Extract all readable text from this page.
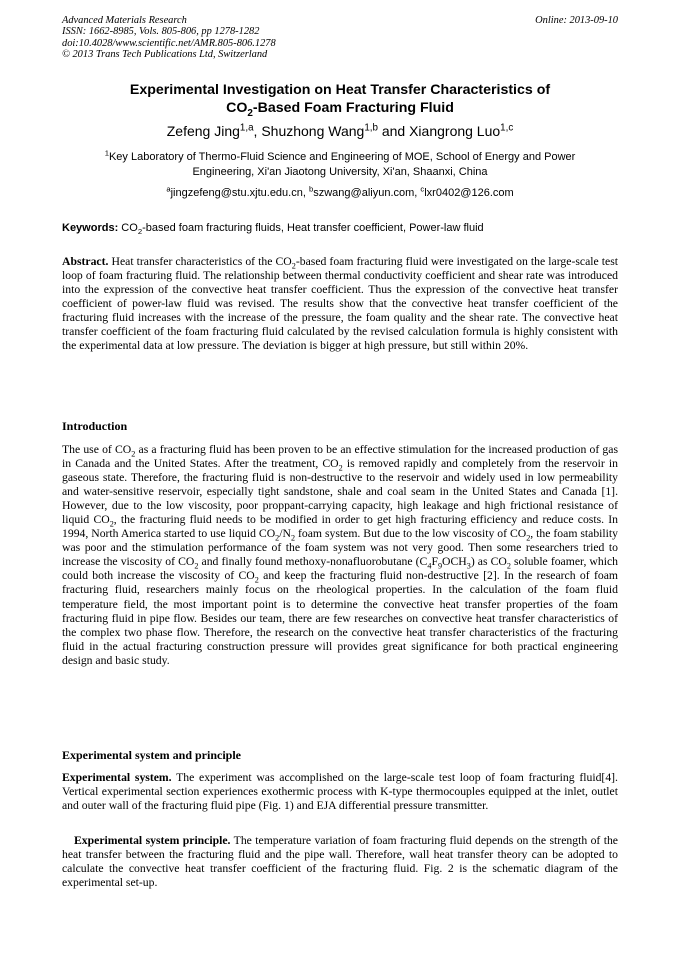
Advanced Materials Research
ISSN: 1662-8985, Vols. 805-806, pp 1278-1282
doi:10.4028/www.scientific.net/AMR.805-806.1278
© 2013 Trans Tech Publications Ltd, Switzerland
Online: 2013-09-10
Experimental Investigation on Heat Transfer Characteristics of
$CO_2$-Based Foam Fracturing Fluid
Zefeng Jing$^{1,a}$, Shuzhong Wang$^{1,b}$ and Xiangrong Luo$^{1,c}$
$^1$Key Laboratory of Thermo-Fluid Science and Engineering of MOE, School of Energy and Power
Engineering, Xi'an Jiaotong University, Xi'an, Shaanxi, China
$^a$jingzefeng@stu.xjtu.edu.cn, $^b$szwang@aliyun.com, $^c$lxr0402@126.com
Keywords: $CO_2$-based foam fracturing fluids, Heat transfer coefficient, Power-law fluid

Abstract. Heat transfer characteristics of the $CO_2$-based foam fracturing fluid were investigated on the large-scale test loop of foam fracturing fluid. The relationship between thermal conductivity coefficient and shear rate was introduced into the expression of the convective heat transfer coefficient. Thus the expression of the convective heat transfer coefficient of power-law fluid was revised. The results show that the convective heat transfer coefficient of the fracturing fluid increases with the increase of the pressure, the foam quality and the shear rate. The convective heat transfer coefficient of the foam fracturing fluid calculated by the revised calculation formula is highly consistent with the experimental data at low pressure. The deviation is bigger at high pressure, but still within 20%.

Introduction

The use of $CO_2$ as a fracturing fluid has been proven to be an effective stimulation for the increased production of gas in Canada and the United States. After the treatment, $CO_2$ is removed rapidly and completely from the reservoir in gaseous state. Therefore, the fracturing fluid is non-destructive to the reservoir and widely used in low permeability and water-sensitive reservoir, especially tight sandstone, shale and coal seam in the United States and Canada [1]. However, due to the low viscosity, poor proppant-carrying capacity, high leakage and high frictional resistance of liquid $CO_2$, the fracturing fluid needs to be modified in order to get high fracturing efficiency and reduce costs. In 1994, North America started to use liquid $CO_2/N_2$ foam system. But due to the low viscosity of $CO_2$, the foam stability was poor and the stimulation performance of the foam system was not very good. Then some researchers tried to increase the viscosity of $CO_2$ and finally found methoxy-nonafluorobutane $(C_4F_9OCH_3)$ as $CO_2$ soluble foamer, which could both increase the viscosity of $CO_2$ and keep the fracturing fluid non-destructive [2]. In the research of foam fracturing fluid, researchers mainly focus on the rheological properties. In the calculation of the foam fluid temperature field, the most important point is to determine the convective heat transfer properties of the foam fracturing fluid in pipe flow. Besides our team, there are few researches on convective heat transfer characteristics of the complex two phase flow. Therefore, the research on the convective heat transfer characteristics of the fracturing fluid in the actual fracturing construction pressure will provides great significance for both practical engineering design and basic study.

Experimental system and principle

Experimental system. The experiment was accomplished on the large-scale test loop of foam fracturing fluid[4]. Vertical experimental section experiences exothermic process with K-type thermocouples equipped at the inlet, outlet and outer wall of the fracturing fluid pipe (Fig. 1) and EJA differential pressure transmitter.

Experimental system principle. The temperature variation of foam fracturing fluid depends on the strength of the heat transfer between the fracturing fluid and the pipe wall. Therefore, wall heat transfer theory can be adopted to calculate the convective heat transfer coefficient of the fracturing fluid. Fig. 2 is the schematic diagram of the experimental set-up.
